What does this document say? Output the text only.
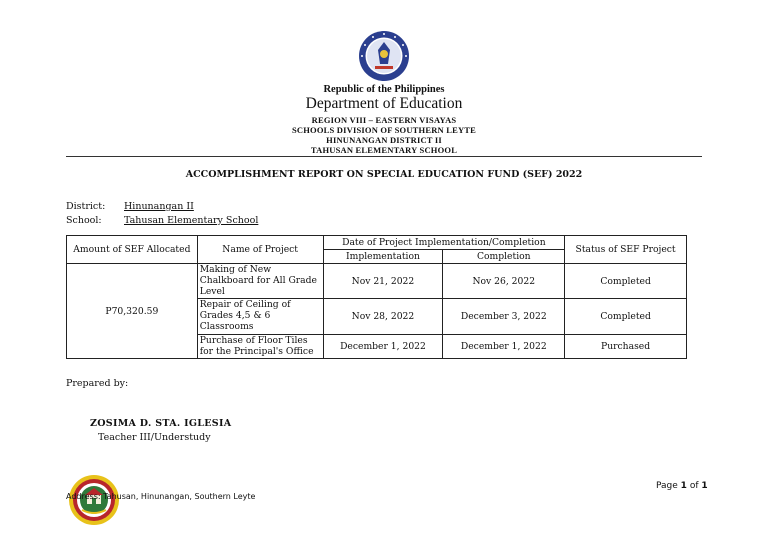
Republic of the Philippines
Department of Education
REGION VIII – EASTERN VISAYAS
SCHOOLS DIVISION OF SOUTHERN LEYTE
HINUNANGAN DISTRICT II
TAHUSAN ELEMENTARY SCHOOL
ACCOMPLISHMENT REPORT ON SPECIAL EDUCATION FUND (SEF) 2022
District: Hinunangan II
School: Tahusan Elementary School
Amount of SEF Allocated	Name of Project	Date of Project Implementation/Completion		Status of SEF Project
		Implementation	Completion	
P70,320.59	Making of New Chalkboard for All Grade Level	Nov 21, 2022	Nov 26, 2022	Completed
	Repair of Ceiling of Grades 4,5 & 6 Classrooms	Nov 28, 2022	December 3, 2022	Completed
	Purchase of Floor Tiles for the Principal's Office	December 1, 2022	December 1, 2022	Purchased
Prepared by:
ZOSIMA D. STA. IGLESIA
Teacher III/Understudy
Page 1 of 1
Address: Tahusan, Hinunangan, Southern Leyte
